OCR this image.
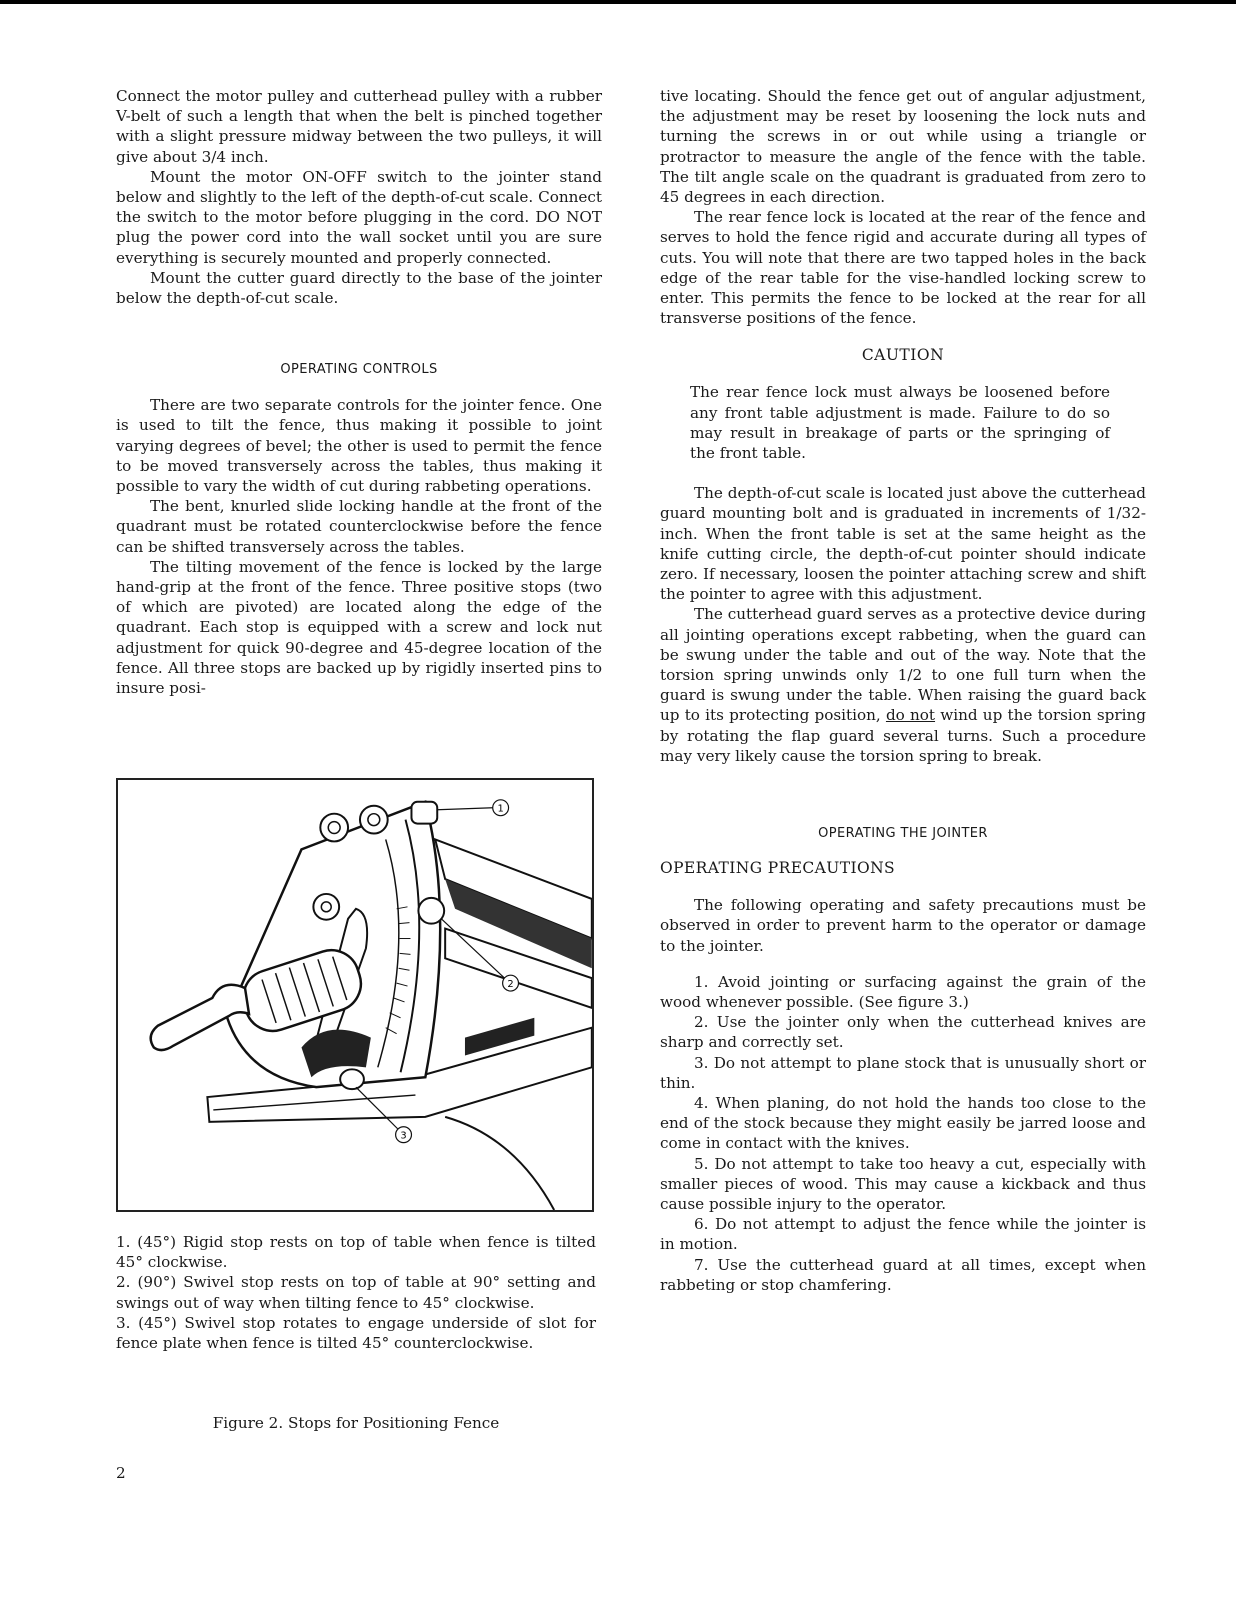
Connect the motor pulley and cutterhead pulley with a rubber V-belt of such a length that when the belt is pinched together with a slight pressure midway between the two pulleys, it will give about 3/4 inch.

Mount the motor ON-OFF switch to the jointer stand below and slightly to the left of the depth-of-cut scale. Connect the switch to the motor before plugging in the cord. DO NOT plug the power cord into the wall socket until you are sure everything is securely mounted and properly connected.

Mount the cutter guard directly to the base of the jointer below the depth-of-cut scale.

OPERATING CONTROLS

There are two separate controls for the jointer fence. One is used to tilt the fence, thus making it possible to joint varying degrees of bevel; the other is used to permit the fence to be moved transversely across the tables, thus making it possible to vary the width of cut during rabbeting operations.

The bent, knurled slide locking handle at the front of the quadrant must be rotated counterclockwise before the fence can be shifted transversely across the tables.

The tilting movement of the fence is locked by the large hand-grip at the front of the fence. Three positive stops (two of which are pivoted) are located along the edge of the quadrant. Each stop is equipped with a screw and lock nut adjustment for quick 90-degree and 45-degree location of the fence. All three stops are backed up by rigidly inserted pins to insure posi-

1
2
3

1. (45°) Rigid stop rests on top of table when fence is tilted 45° clockwise.

2. (90°) Swivel stop rests on top of table at 90° setting and swings out of way when tilting fence to 45° clockwise.

3. (45°) Swivel stop rotates to engage underside of slot for fence plate when fence is tilted 45° counterclockwise.

Figure 2. Stops for Positioning Fence
2

tive locating. Should the fence get out of angular adjustment, the adjustment may be reset by loosening the lock nuts and turning the screws in or out while using a triangle or protractor to measure the angle of the fence with the table. The tilt angle scale on the quadrant is graduated from zero to 45 degrees in each direction.

The rear fence lock is located at the rear of the fence and serves to hold the fence rigid and accurate during all types of cuts. You will note that there are two tapped holes in the back edge of the rear table for the vise-handled locking screw to enter. This permits the fence to be locked at the rear for all transverse positions of the fence.

CAUTION

The rear fence lock must always be loosened before any front table adjustment is made. Failure to do so may result in breakage of parts or the springing of the front table.

The depth-of-cut scale is located just above the cutterhead guard mounting bolt and is graduated in increments of 1/32-inch. When the front table is set at the same height as the knife cutting circle, the depth-of-cut pointer should indicate zero. If necessary, loosen the pointer attaching screw and shift the pointer to agree with this adjustment.

The cutterhead guard serves as a protective device during all jointing operations except rabbeting, when the guard can be swung under the table and out of the way. Note that the torsion spring unwinds only 1/2 to one full turn when the guard is swung under the table. When raising the guard back up to its protecting position, do not wind up the torsion spring by rotating the flap guard several turns. Such a procedure may very likely cause the torsion spring to break.

OPERATING THE JOINTER

OPERATING PRECAUTIONS

The following operating and safety precautions must be observed in order to prevent harm to the operator or damage to the jointer.

1. Avoid jointing or surfacing against the grain of the wood whenever possible. (See figure 3.)

2. Use the jointer only when the cutterhead knives are sharp and correctly set.

3. Do not attempt to plane stock that is unusually short or thin.

4. When planing, do not hold the hands too close to the end of the stock because they might easily be jarred loose and come in contact with the knives.

5. Do not attempt to take too heavy a cut, especially with smaller pieces of wood. This may cause a kickback and thus cause possible injury to the operator.

6. Do not attempt to adjust the fence while the jointer is in motion.

7. Use the cutterhead guard at all times, except when rabbeting or stop chamfering.
